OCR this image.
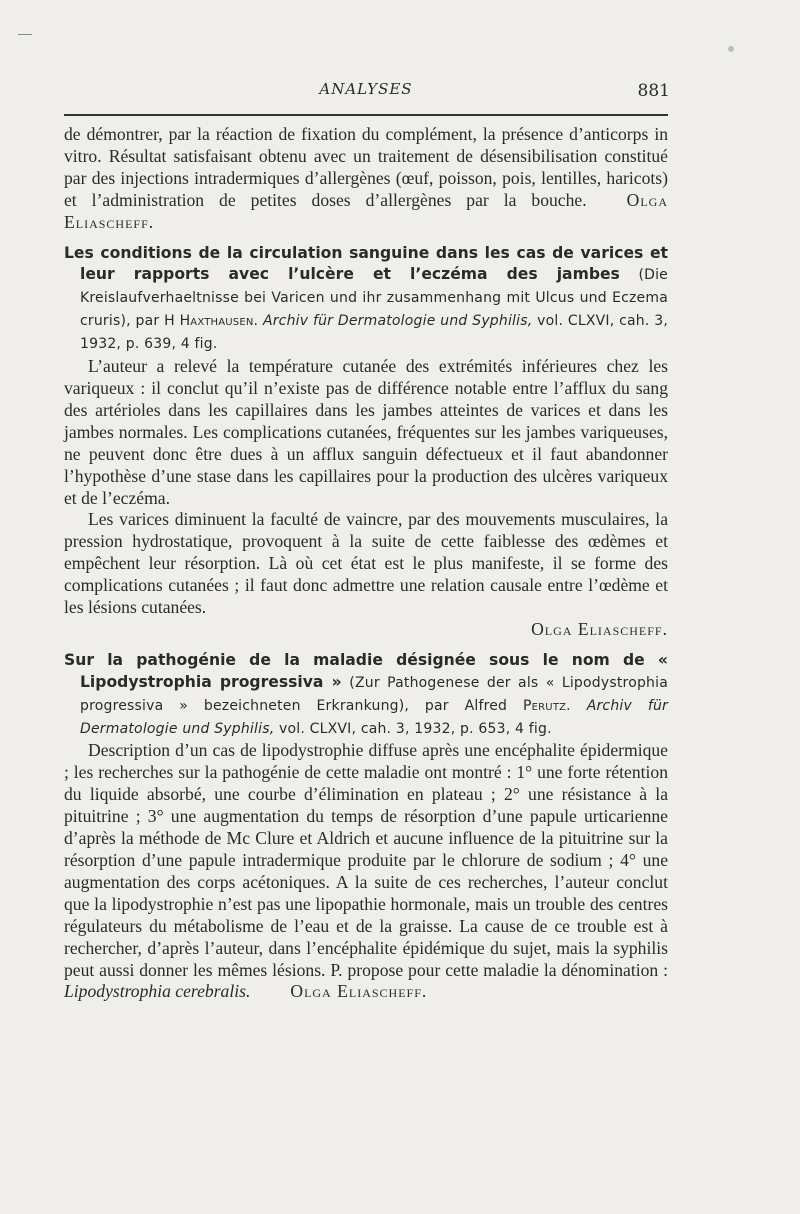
ANALYSES	881

de démontrer, par la réaction de fixation du complément, la présence d’anticorps in vitro. Résultat satisfaisant obtenu avec un traitement de désensibilisation constitué par des injections intradermiques d’allergènes (œuf, poisson, pois, lentilles, haricots) et l’administration de petites doses d’allergènes par la bouche. Olga Eliascheff.

Les conditions de la circulation sanguine dans les cas de varices et leur rapports avec l’ulcère et l’eczéma des jambes (Die Kreislaufverhaeltnisse bei Varicen und ihr zusammenhang mit Ulcus und Eczema cruris), par H Haxthausen. Archiv für Dermatologie und Syphilis, vol. CLXVI, cah. 3, 1932, p. 639, 4 fig.

L’auteur a relevé la température cutanée des extrémités inférieures chez les variqueux : il conclut qu’il n’existe pas de différence notable entre l’afflux du sang des artérioles dans les capillaires dans les jambes atteintes de varices et dans les jambes normales. Les complications cutanées, fréquentes sur les jambes variqueuses, ne peuvent donc être dues à un afflux sanguin défectueux et il faut abandonner l’hypothèse d’une stase dans les capillaires pour la production des ulcères variqueux et de l’eczéma.

Les varices diminuent la faculté de vaincre, par des mouvements musculaires, la pression hydrostatique, provoquent à la suite de cette faiblesse des œdèmes et empêchent leur résorption. Là où cet état est le plus manifeste, il se forme des complications cutanées ; il faut donc admettre une relation causale entre l’œdème et les lésions cutanées.

Olga Eliascheff.

Sur la pathogénie de la maladie désignée sous le nom de « Lipodystrophia progressiva » (Zur Pathogenese der als « Lipodystrophia progressiva » bezeichneten Erkrankung), par Alfred Perutz. Archiv für Dermatologie und Syphilis, vol. CLXVI, cah. 3, 1932, p. 653, 4 fig.

Description d’un cas de lipodystrophie diffuse après une encéphalite épidermique ; les recherches sur la pathogénie de cette maladie ont montré : 1° une forte rétention du liquide absorbé, une courbe d’élimination en plateau ; 2° une résistance à la pituitrine ; 3° une augmentation du temps de résorption d’une papule urticarienne d’après la méthode de Mc Clure et Aldrich et aucune influence de la pituitrine sur la résorption d’une papule intradermique produite par le chlorure de sodium ; 4° une augmentation des corps acétoniques. A la suite de ces recherches, l’auteur conclut que la lipodystrophie n’est pas une lipopathie hormonale, mais un trouble des centres régulateurs du métabolisme de l’eau et de la graisse. La cause de ce trouble est à rechercher, d’après l’auteur, dans l’encéphalite épidémique du sujet, mais la syphilis peut aussi donner les mêmes lésions. P. propose pour cette maladie la dénomination : Lipodystrophia cerebralis. Olga Eliascheff.
